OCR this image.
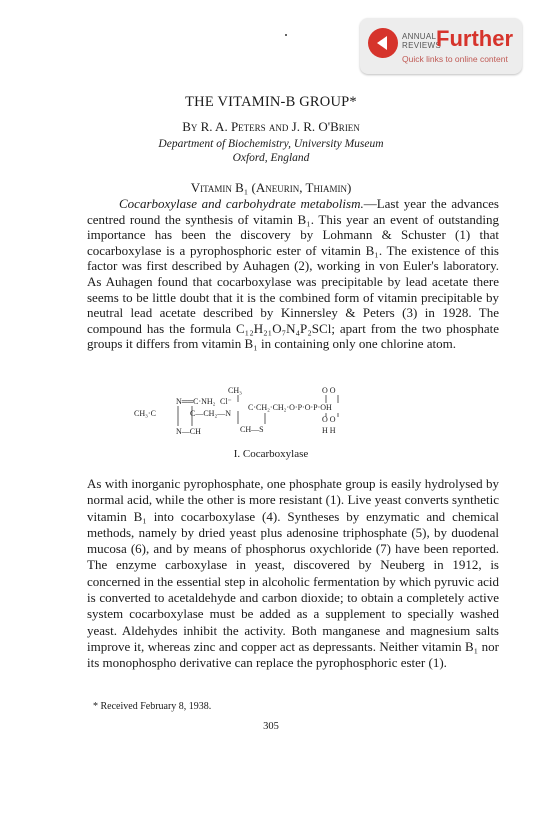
ANNUAL
REVIEWS
Further
Quick links to online content
THE VITAMIN-B GROUP*
By R. A. Peters and J. R. O'Brien
Department of Biochemistry, University Museum
Oxford, England
Vitamin B₁ (Aneurin, Thiamin)

Cocarboxylase and carbohydrate metabolism.—Last year the advances centred round the synthesis of vitamin B₁. This year an event of outstanding importance has been the discovery by Lohmann & Schuster (1) that cocarboxylase is a pyrophosphoric ester of vitamin B₁. The existence of this factor was first described by Auhagen (2), working in von Euler's laboratory. As Auhagen found that cocarboxylase was precipitable by lead acetate there seems to be little doubt that it is the combined form of vitamin precipitable by neutral lead acetate described by Kinnersley & Peters (3) in 1928. The compound has the formula C₁₂H₂₁O₇N₄P₂SCl; apart from the two phosphate groups it differs from vitamin B₁ in containing only one chlorine atom.

CH₃	O O
N══C·NH₂ Cl⁻
C·CH₂·CH₂·O·P·O·P·OH
CH₃·C	C—CH₂—N
O O
N—CH	CH—S	H H
I. Cocarboxylase

As with inorganic pyrophosphate, one phosphate group is easily hydrolysed by normal acid, while the other is more resistant (1). Live yeast converts synthetic vitamin B₁ into cocarboxylase (4). Syntheses by enzymatic and chemical methods, namely by dried yeast plus adenosine triphosphate (5), by duodenal mucosa (6), and by means of phosphorus oxychloride (7) have been reported. The enzyme carboxylase in yeast, discovered by Neuberg in 1912, is concerned in the essential step in alcoholic fermentation by which pyruvic acid is converted to acetaldehyde and carbon dioxide; to obtain a completely active system cocarboxylase must be added as a supplement to specially washed yeast. Aldehydes inhibit the activity. Both manganese and magnesium salts improve it, whereas zinc and copper act as depressants. Neither vitamin B₁ nor its monophospho derivative can replace the pyrophosphoric ester (1).

* Received February 8, 1938.
305
